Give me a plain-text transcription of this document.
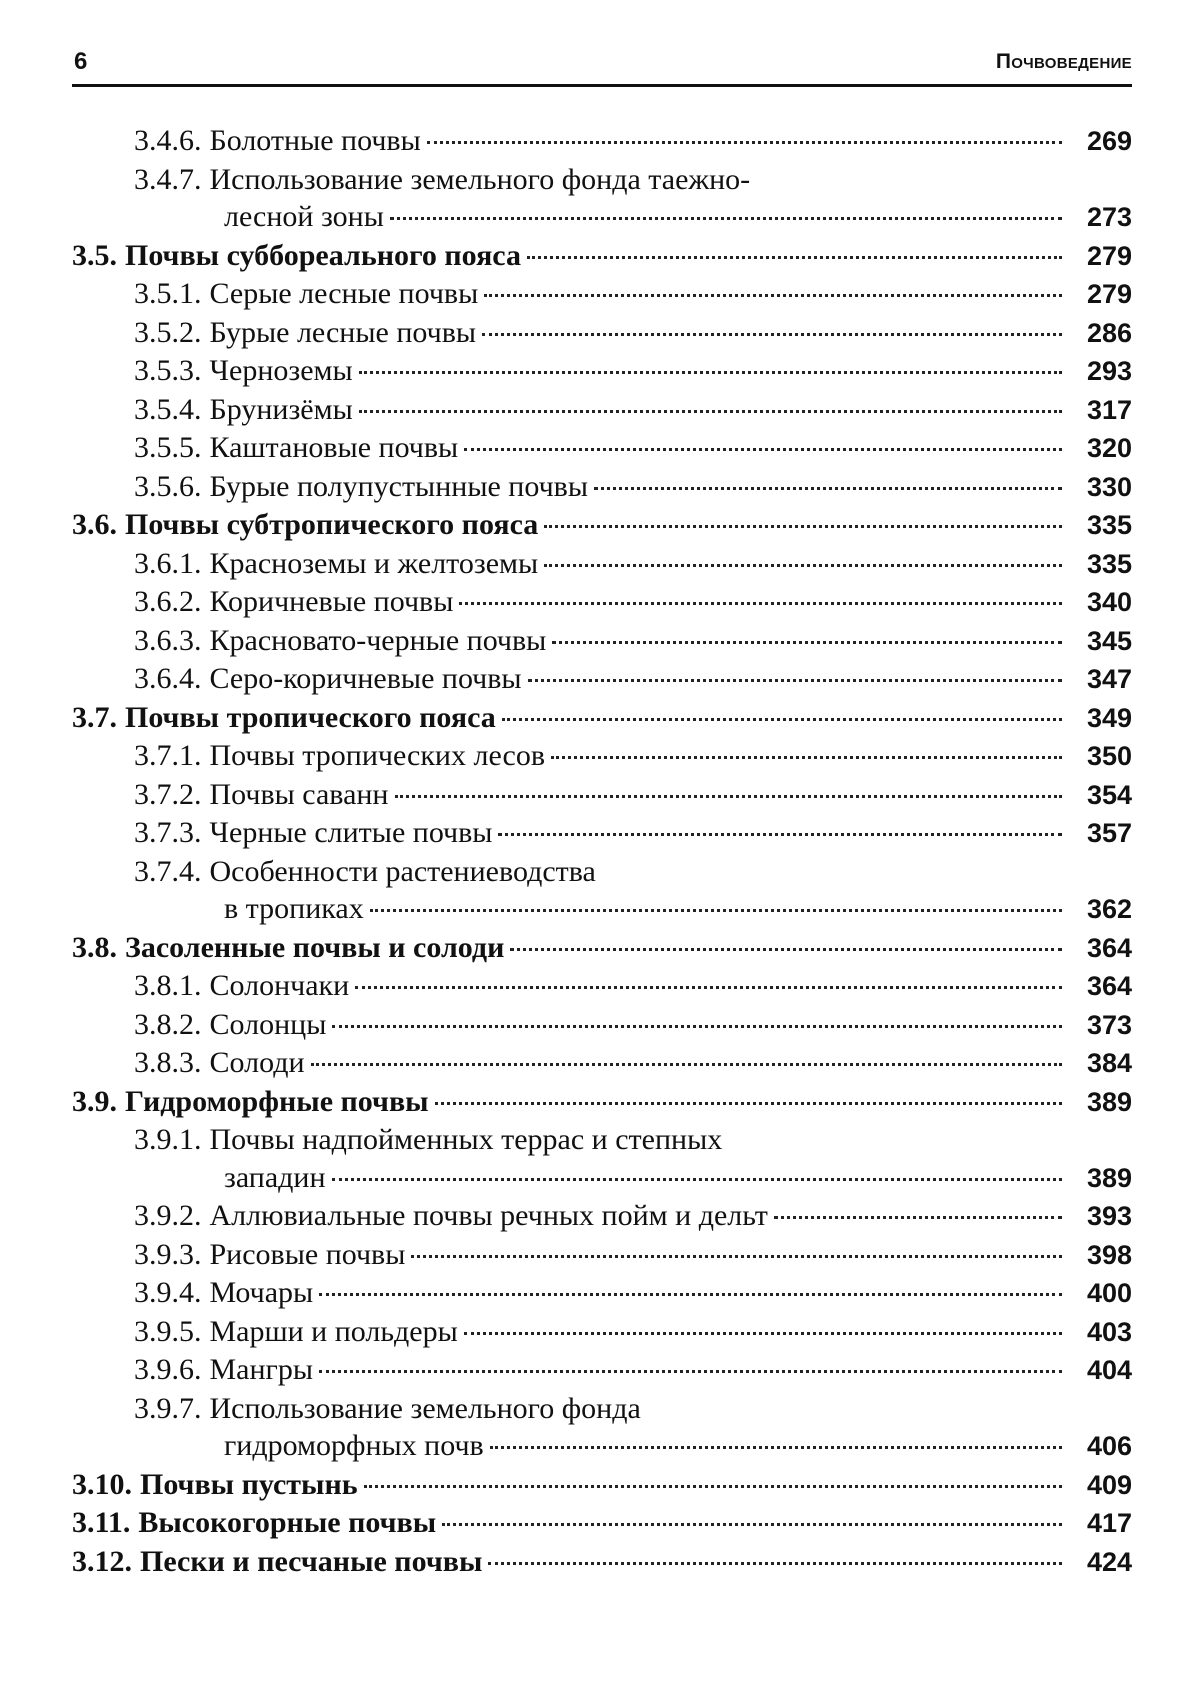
6	Почвоведение
3.4.6. Болотные почвы	269
3.4.7. Использование земельного фонда таежно-
лесной зоны	273
3.5. Почвы суббореального пояса	279
3.5.1. Серые лесные почвы	279
3.5.2. Бурые лесные почвы	286
3.5.3. Черноземы	293
3.5.4. Брунизёмы	317
3.5.5. Каштановые почвы	320
3.5.6. Бурые полупустынные почвы	330
3.6. Почвы субтропического пояса	335
3.6.1. Красноземы и желтоземы	335
3.6.2. Коричневые почвы	340
3.6.3. Красновато-черные почвы	345
3.6.4. Серо-коричневые почвы	347
3.7. Почвы тропического пояса	349
3.7.1. Почвы тропических лесов	350
3.7.2. Почвы саванн	354
3.7.3. Черные слитые почвы	357
3.7.4. Особенности растениеводства
в тропиках	362
3.8. Засоленные почвы и солоди	364
3.8.1. Солончаки	364
3.8.2. Солонцы	373
3.8.3. Солоди	384
3.9. Гидроморфные почвы	389
3.9.1. Почвы надпойменных террас и степных
западин	389
3.9.2. Аллювиальные почвы речных пойм и дельт	393
3.9.3. Рисовые почвы	398
3.9.4. Мочары	400
3.9.5. Марши и польдеры	403
3.9.6. Мангры	404
3.9.7. Использование земельного фонда
гидроморфных почв	406
3.10. Почвы пустынь	409
3.11. Высокогорные почвы	417
3.12. Пески и песчаные почвы	424
